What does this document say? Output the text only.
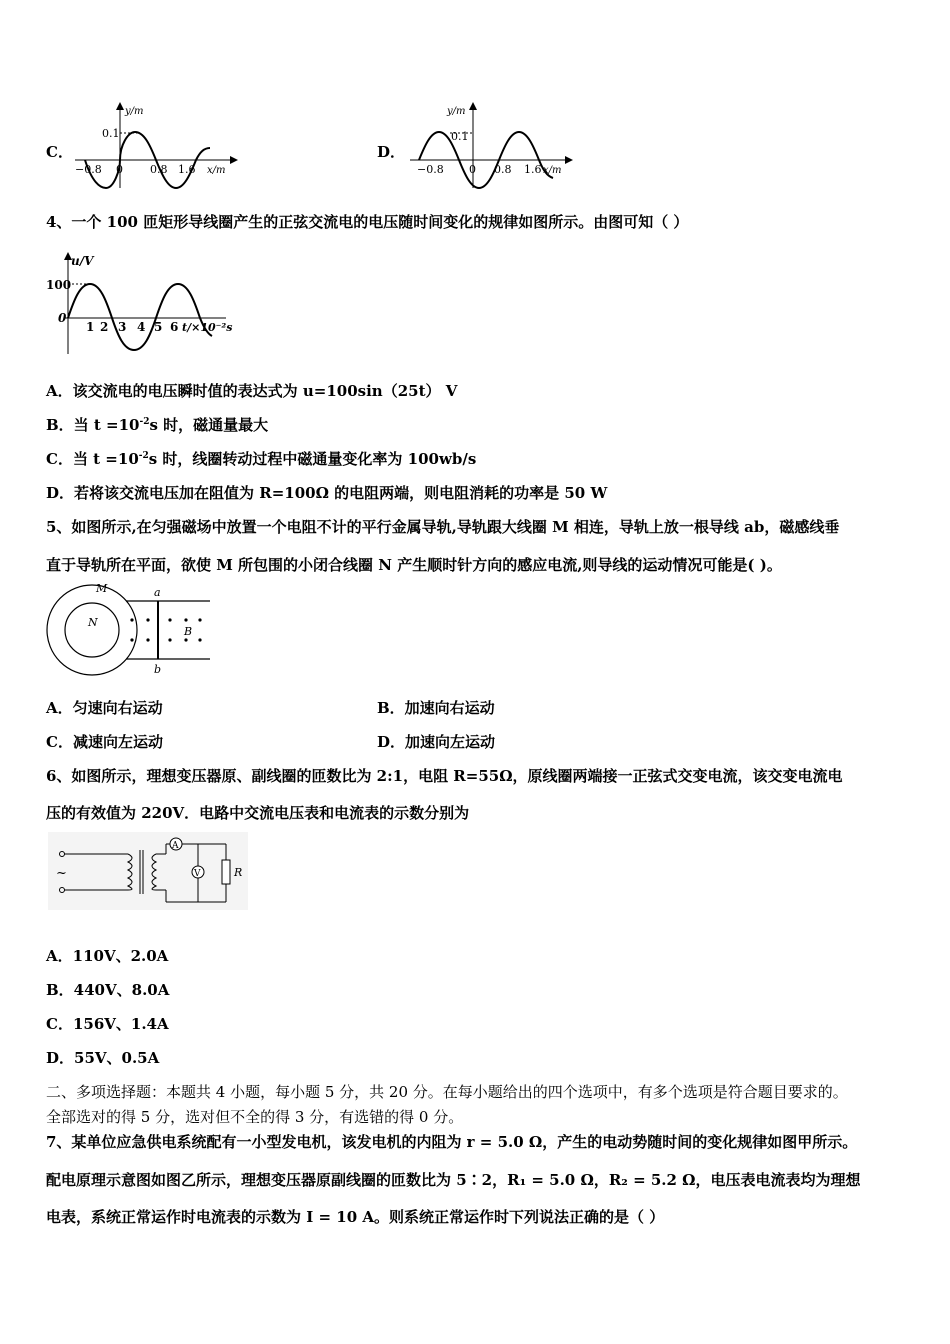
C．
y/m
0.1
−0.8 0 0.8 1.6 x/m
D．
y/m
0.1
−0.8 0 0.8 1.6 x/m
4、一个 100 匝矩形导线圈产生的正弦交流电的电压随时间变化的规律如图所示。由图可知（ ）
u/V
100
0
1 2 3 4 5 6 t/×10⁻²s
A．该交流电的电压瞬时值的表达式为 u=100sin（25t） V
B．当 $t =10^{-2}s$ 时，磁通量最大
C．当 $t =10^{-2}s$ 时，线圈转动过程中磁通量变化率为 100wb/s
D．若将该交流电压加在阻值为 R=100Ω 的电阻两端，则电阻消耗的功率是 50 W
5、如图所示,在匀强磁场中放置一个电阻不计的平行金属导轨,导轨跟大线圈 M 相连，导轨上放一根导线 ab，磁感线垂
直于导轨所在平面，欲使 M 所包围的小闭合线圈 N 产生顺时针方向的感应电流,则导线的运动情况可能是( )。
M
N
a
b
B
A．匀速向右运动	B．加速向右运动
C．减速向左运动	D．加速向左运动
6、如图所示，理想变压器原、副线圈的匝数比为 2:1，电阻 R=55Ω，原线圈两端接一正弦式交变电流，该交变电流电
压的有效值为 220V．电路中交流电压表和电流表的示数分别为
~
A
V	R
A．110V、2.0A
B．440V、8.0A
C．156V、1.4A
D．55V、0.5A
二、多项选择题：本题共 4 小题，每小题 5 分，共 20 分。在每小题给出的四个选项中，有多个选项是符合题目要求的。
全部选对的得 5 分，选对但不全的得 3 分，有选错的得 0 分。
7、某单位应急供电系统配有一小型发电机，该发电机的内阻为 r = 5.0 Ω，产生的电动势随时间的变化规律如图甲所示。
配电原理示意图如图乙所示，理想变压器原副线圈的匝数比为 5∶2，R₁ = 5.0 Ω，R₂ = 5.2 Ω，电压表电流表均为理想
电表，系统正常运作时电流表的示数为 I = 10 A。则系统正常运作时下列说法正确的是（ ）
